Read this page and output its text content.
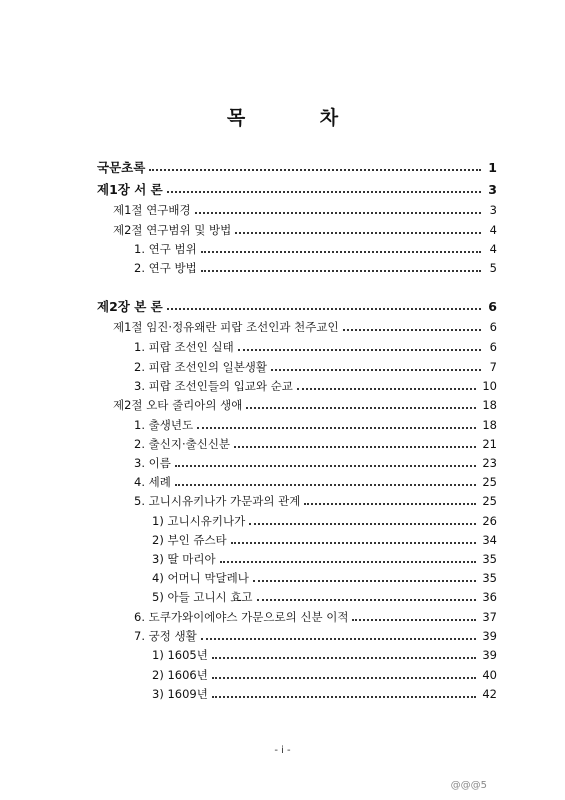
목 차
국문초록	1
제1장 서 론	3
제1절 연구배경	3
제2절 연구범위 및 방법	4
1. 연구 범위	4
2. 연구 방법	5
제2장 본 론	6
제1절 임진·정유왜란 피랍 조선인과 천주교인	6
1. 피랍 조선인 실태	6
2. 피랍 조선인의 일본생활	7
3. 피랍 조선인들의 입교와 순교	10
제2절 오타 줄리아의 생애	18
1. 출생년도	18
2. 출신지·출신신분	21
3. 이름	23
4. 세례	25
5. 고니시유키나가 가문과의 관계	25
1) 고니시유키나가	26
2) 부인 쥬스타	34
3) 딸 마리아	35
4) 어머니 막달레나	35
5) 아들 고니시 효고	36
6. 도쿠가와이에야스 가문으로의 신분 이적	37
7. 궁정 생활	39
1) 1605년	39
2) 1606년	40
3) 1609년	42
- i -
@@@5
